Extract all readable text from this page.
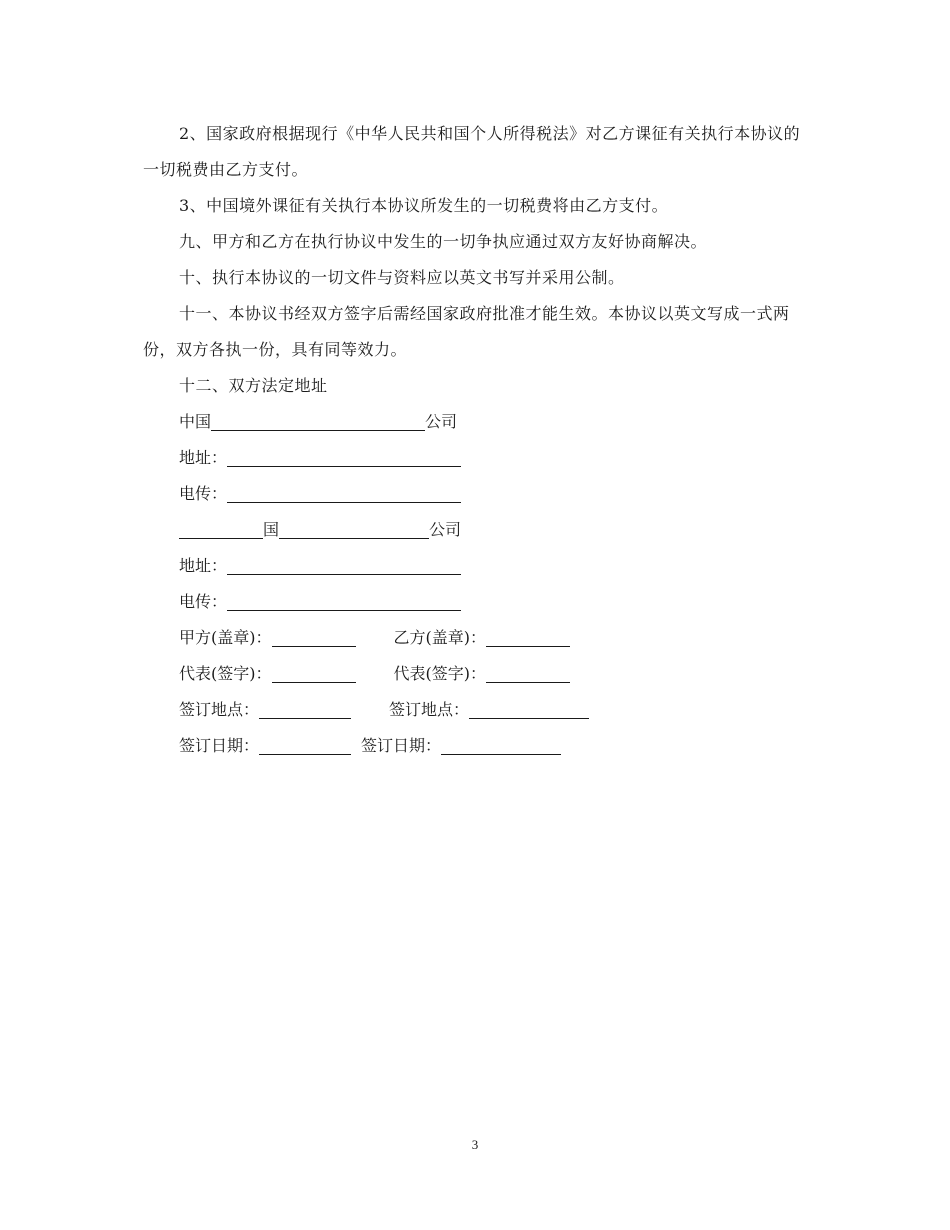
2、国家政府根据现行《中华人民共和国个人所得税法》对乙方课征有关执行本协议的一切税费由乙方支付。

3、中国境外课征有关执行本协议所发生的一切税费将由乙方支付。

九、甲方和乙方在执行协议中发生的一切争执应通过双方友好协商解决。

十、执行本协议的一切文件与资料应以英文书写并采用公制。

十一、本协议书经双方签字后需经国家政府批准才能生效。本协议以英文写成一式两份，双方各执一份，具有同等效力。

十二、双方法定地址

中国	公司
地址：
电传：
国	公司
地址：
电传：
甲方(盖章)：	乙方(盖章)：
代表(签字)：	代表(签字)：
签订地点：	签订地点：
签订日期：	签订日期：
3
